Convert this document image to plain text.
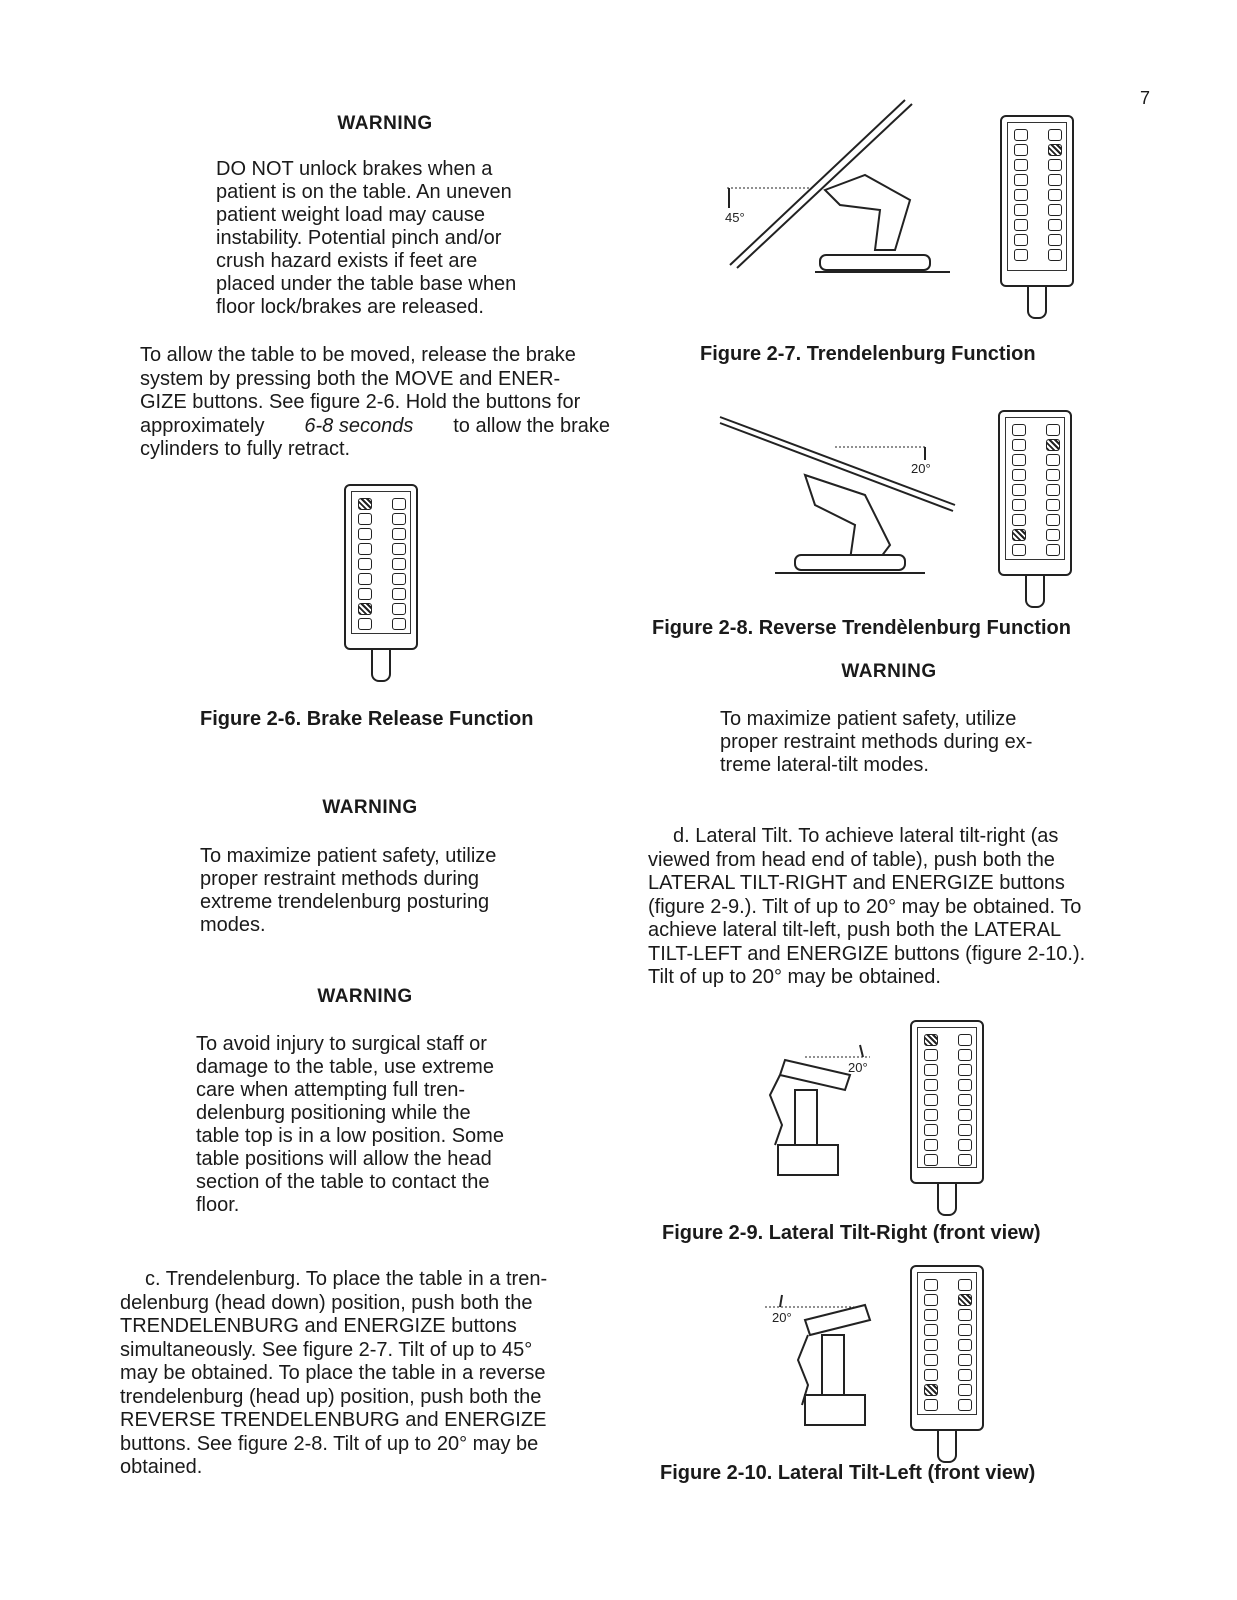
7
WARNING
DO NOT unlock brakes when a
patient is on the table. An uneven
patient weight load may cause
instability. Potential pinch and/or
crush hazard exists if feet are
placed under the table base when
floor lock/brakes are released.
To allow the table to be moved, release the brake
system by pressing both the MOVE and ENER-
GIZE buttons. See figure 2-6. Hold the buttons for
approximately 6-8 seconds to allow the brake
cylinders to fully retract.
Figure 2-6. Brake Release Function
WARNING
To maximize patient safety, utilize
proper restraint methods during
extreme trendelenburg posturing
modes.
WARNING
To avoid injury to surgical staff or
damage to the table, use extreme
care when attempting full tren-
delenburg positioning while the
table top is in a low position. Some
table positions will allow the head
section of the table to contact the
floor.
c. Trendelenburg. To place the table in a tren-
delenburg (head down) position, push both the
TRENDELENBURG and ENERGIZE buttons
simultaneously. See figure 2-7. Tilt of up to 45°
may be obtained. To place the table in a reverse
trendelenburg (head up) position, push both the
REVERSE TRENDELENBURG and ENERGIZE
buttons. See figure 2-8. Tilt of up to 20° may be
obtained.
45°
Figure 2-7. Trendelenburg Function
20°
Figure 2-8. Reverse Trendèlenburg Function
WARNING
To maximize patient safety, utilize
proper restraint methods during ex-
treme lateral-tilt modes.
d. Lateral Tilt. To achieve lateral tilt-right (as
viewed from head end of table), push both the
LATERAL TILT-RIGHT and ENERGIZE buttons
(figure 2-9.). Tilt of up to 20° may be obtained. To
achieve lateral tilt-left, push both the LATERAL
TILT-LEFT and ENERGIZE buttons (figure 2-10.).
Tilt of up to 20° may be obtained.
20°
Figure 2-9. Lateral Tilt-Right (front view)
20°
Figure 2-10. Lateral Tilt-Left (front view)
